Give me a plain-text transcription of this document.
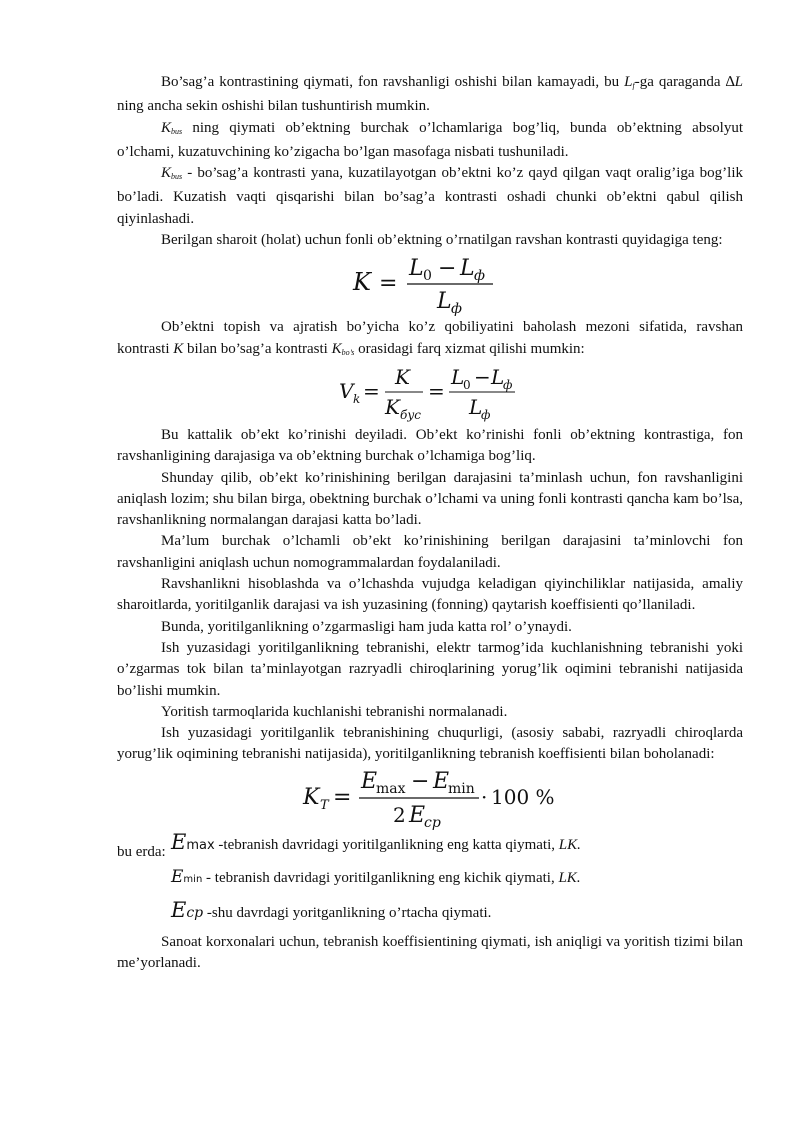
Bo’sag’a kontrastining qiymati, fon ravshanligi oshishi bilan kamayadi, bu $L_f-ga$ qaraganda ∆L ning ancha sekin oshishi bilan tushuntirish mumkin.

$K_{bus}$ ning qiymati ob’ektning burchak o’lchamlariga bog’liq, bunda ob’ektning absolyut o’lchami, kuzatuvchining ko’zigacha bo’lgan masofaga nisbati tushuniladi.

$K_{bus}$ - bo’sag’a kontrasti yana, kuzatilayotgan ob’ektni ko’z qayd qilgan vaqt oralig’iga bog’lik bo’ladi. Kuzatish vaqti qisqarishi bilan bo’sag’a kontrasti oshadi chunki ob’ektni qabul qilish qiyinlashadi.

Berilgan sharoit (holat) uchun fonli ob’ektning o’rnatilgan ravshan kontrasti quyidagiga teng:

K =
L 0 − L ф
L ф

Ob’ektni topish va ajratish bo’yicha ko’z qobiliyatini baholash mezoni sifatida, ravshan kontrasti K bilan bo’sag’a kontrasti $K_{bo’s}$ orasidagi farq xizmat qilishi mumkin:

V k =
K
K бус
=
L
0 − L
ф
L
ф

Bu kattalik ob’ekt ko’rinishi deyiladi. Ob’ekt ko’rinishi fonli ob’ektning kontrastiga, fon ravshanligining darajasiga va ob’ektning burchak o’lchamiga bog’liq.

Shunday qilib, ob’ekt ko’rinishining berilgan darajasini ta’minlash uchun, fon ravshanligini aniqlash lozim; shu bilan birga, obektning burchak o’lchami va uning fonli kontrasti qancha kam bo’lsa, ravshanlikning normalangan darajasi katta bo’ladi.

Ma’lum burchak o’lchamli ob’ekt ko’rinishining berilgan darajasini ta’minlovchi fon ravshanligini aniqlash uchun nomogrammalardan foydalaniladi.

Ravshanlikni hisoblashda va o’lchashda vujudga keladigan qiyinchiliklar natijasida, amaliy sharoitlarda, yoritilganlik darajasi va ish yuzasining (fonning) qaytarish koeffisienti qo’llaniladi.

Bunda, yoritilganlikning o’zgarmasligi ham juda katta rol’ o’ynaydi.

Ish yuzasidagi yoritilganlikning tebranishi, elektr tarmog’ida kuchlanishning tebranishi yoki o’zgarmas tok bilan ta’minlayotgan razryadli chiroqlarining yorug’lik oqimini tebranishi natijasida bo’lishi mumkin.

Yoritish tarmoqlarida kuchlanishi tebranishi normalanadi.

Ish yuzasidagi yoritilganlik tebranishining chuqurligi, (asosiy sababi, razryadli chiroqlarda yorug’lik oqimining tebranishi natijasida), yoritilganlikning tebranish koeffisienti bilan boholanadi:

K T =
E
max − E
min
2 E
cp
· 100 %
bu erda: Emax -tebranish davridagi yoritilganlikning eng katta qiymati, LK.
Emin - tebranish davridagi yoritilganlikning eng kichik qiymati, LK.
Ecp -shu davrdagi yoritganlikning o’rtacha qiymati.

Sanoat korxonalari uchun, tebranish koeffisientining qiymati, ish aniqligi va yoritish tizimi bilan me’yorlanadi.
